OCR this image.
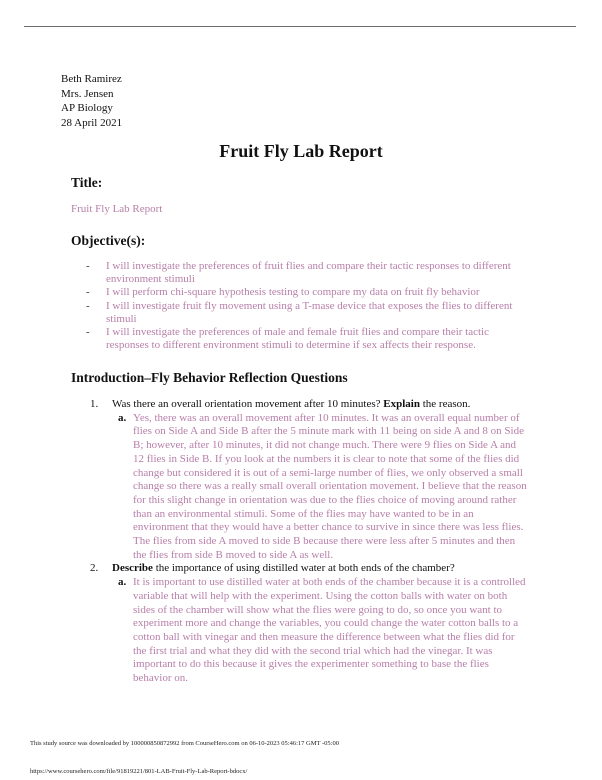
Beth Ramirez
Mrs. Jensen
AP Biology
28 April 2021
Fruit Fly Lab Report
Title:
Fruit Fly Lab Report
Objective(s):
- I will investigate the preferences of fruit flies and compare their tactic responses to different environment stimuli
- I will perform chi-square hypothesis testing to compare my data on fruit fly behavior
- I will investigate fruit fly movement using a T-mase device that exposes the flies to different stimuli
- I will investigate the preferences of male and female fruit flies and compare their tactic responses to different environment stimuli to determine if sex affects their response.
Introduction–Fly Behavior Reflection Questions
1. Was there an overall orientation movement after 10 minutes? Explain the reason.
a. Yes, there was an overall movement after 10 minutes. It was an overall equal number of flies on Side A and Side B after the 5 minute mark with 11 being on side A and 8 on Side B; however, after 10 minutes, it did not change much. There were 9 flies on Side A and 12 flies in Side B. If you look at the numbers it is clear to note that some of the flies did change but considered it is out of a semi-large number of flies, we only observed a small change so there was a really small overall orientation movement. I believe that the reason for this slight change in orientation was due to the flies choice of moving around rather than an environmental stimuli. Some of the flies may have wanted to be in an environment that they would have a better chance to survive in since there was less flies. The flies from side A moved to side B because there were less after 5 minutes and then the flies from side B moved to side A as well.
2. Describe the importance of using distilled water at both ends of the chamber?
a. It is important to use distilled water at both ends of the chamber because it is a controlled variable that will help with the experiment. Using the cotton balls with water on both sides of the chamber will show what the flies were going to do, so once you want to experiment more and change the variables, you could change the water cotton balls to a cotton ball with vinegar and then measure the difference between what the flies did for the first trial and what they did with the second trial which had the vinegar. It was important to do this because it gives the experimenter something to base the flies behavior on.
This study source was downloaded by 100000850872992 from CourseHero.com on 06-10-2023 05:46:17 GMT -05:00
https://www.coursehero.com/file/91819221/801-LAB-Fruit-Fly-Lab-Report-bdocx/
